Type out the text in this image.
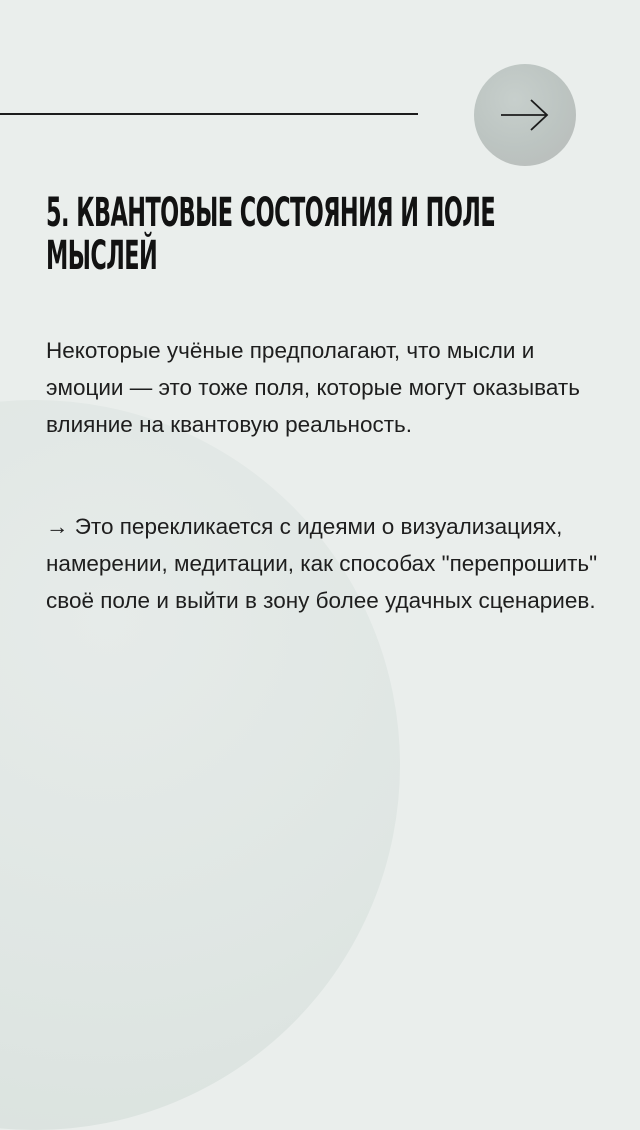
5. КВАНТОВЫЕ СОСТОЯНИЯ И ПОЛЕ
МЫСЛЕЙ

Некоторые учёные предполагают, что мысли и эмоции — это тоже поля, которые могут оказывать влияние на квантовую реальность.

→ Это перекликается с идеями о визуализациях, намерении, медитации, как способах "перепрошить" своё поле и выйти в зону более удачных сценариев.
